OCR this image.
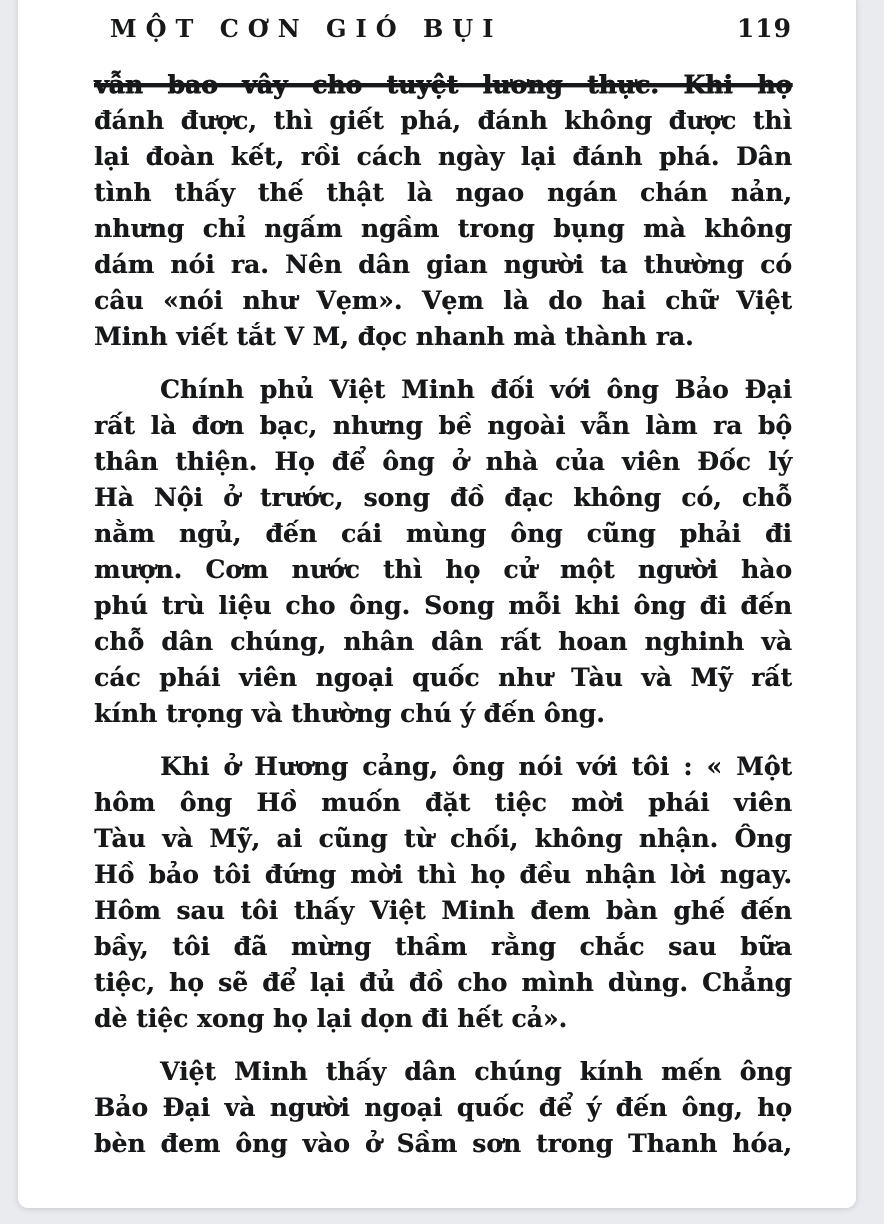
MỘT CƠN GIÓ BỤI	119
vẫn bao vây cho tuyệt lương thực. Khi họ
đánh được, thì giết phá, đánh không được thì
lại đoàn kết, rồi cách ngày lại đánh phá. Dân
tình thấy thế thật là ngao ngán chán nản,
nhưng chỉ ngấm ngầm trong bụng mà không
dám nói ra. Nên dân gian người ta thường có
câu «nói như Vẹm». Vẹm là do hai chữ Việt
Minh viết tắt V M, đọc nhanh mà thành ra.
Chính phủ Việt Minh đối với ông Bảo Đại
rất là đơn bạc, nhưng bề ngoài vẫn làm ra bộ
thân thiện. Họ để ông ở nhà của viên Đốc lý
Hà Nội ở trước, song đồ đạc không có, chỗ
nằm ngủ, đến cái mùng ông cũng phải đi
mượn. Cơm nước thì họ cử một người hào
phú trù liệu cho ông. Song mỗi khi ông đi đến
chỗ dân chúng, nhân dân rất hoan nghinh và
các phái viên ngoại quốc như Tàu và Mỹ rất
kính trọng và thường chú ý đến ông.
Khi ở Hương cảng, ông nói với tôi : « Một
hôm ông Hồ muốn đặt tiệc mời phái viên
Tàu và Mỹ, ai cũng từ chối, không nhận. Ông
Hồ bảo tôi đứng mời thì họ đều nhận lời ngay.
Hôm sau tôi thấy Việt Minh đem bàn ghế đến
bầy, tôi đã mừng thầm rằng chắc sau bữa
tiệc, họ sẽ để lại đủ đồ cho mình dùng. Chẳng
dè tiệc xong họ lại dọn đi hết cả».
Việt Minh thấy dân chúng kính mến ông
Bảo Đại và người ngoại quốc để ý đến ông, họ
bèn đem ông vào ở Sầm sơn trong Thanh hóa,
